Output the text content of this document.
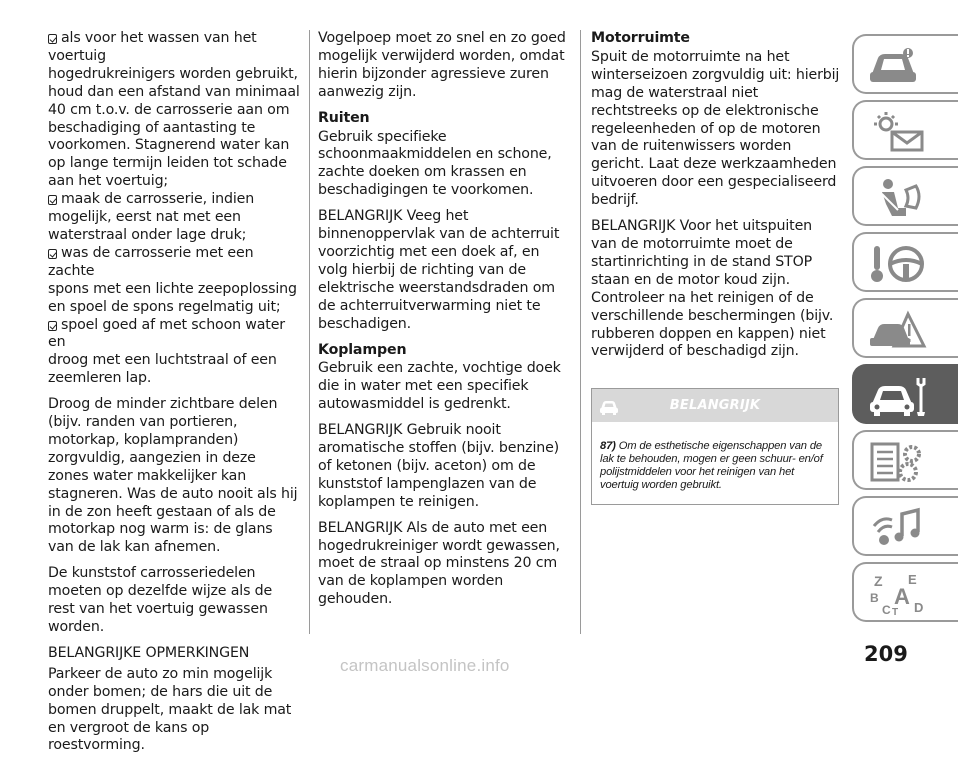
als voor het wassen van het voertuig
hogedrukreinigers worden gebruikt, houd dan een afstand van minimaal 40 cm t.o.v. de carrosserie aan om beschadiging of aantasting te voorkomen. Stagnerend water kan op lange termijn leiden tot schade aan het voertuig;
maak de carrosserie, indien
mogelijk, eerst nat met een waterstraal onder lage druk;
was de carrosserie met een zachte
spons met een lichte zeepoplossing en spoel de spons regelmatig uit;
spoel goed af met schoon water en
droog met een luchtstraal of een zeemleren lap.

Droog de minder zichtbare delen (bijv. randen van portieren, motorkap, koplampranden) zorgvuldig, aangezien in deze zones water makkelijker kan stagneren. Was de auto nooit als hij in de zon heeft gestaan of als de motorkap nog warm is: de glans van de lak kan afnemen.

De kunststof carrosseriedelen moeten op dezelfde wijze als de rest van het voertuig gewassen worden.

BELANGRIJKE OPMERKINGEN

Parkeer de auto zo min mogelijk onder bomen; de hars die uit de bomen druppelt, maakt de lak mat en vergroot de kans op roestvorming.

Vogelpoep moet zo snel en zo goed mogelijk verwijderd worden, omdat hierin bijzonder agressieve zuren aanwezig zijn.

Ruiten

Gebruik specifieke schoonmaakmiddelen en schone, zachte doeken om krassen en beschadigingen te voorkomen.

BELANGRIJK Veeg het binnenoppervlak van de achterruit voorzichtig met een doek af, en volg hierbij de richting van de elektrische weerstandsdraden om de achterruitverwarming niet te beschadigen.

Koplampen

Gebruik een zachte, vochtige doek die in water met een specifiek autowasmiddel is gedrenkt.

BELANGRIJK Gebruik nooit aromatische stoffen (bijv. benzine) of ketonen (bijv. aceton) om de kunststof lampenglazen van de koplampen te reinigen.

BELANGRIJK Als de auto met een hogedrukreiniger wordt gewassen, moet de straal op minstens 20 cm van de koplampen worden gehouden.

Motorruimte

Spuit de motorruimte na het winterseizoen zorgvuldig uit: hierbij mag de waterstraal niet rechtstreeks op de elektronische regeleenheden of op de motoren van de ruitenwissers worden gericht. Laat deze werkzaamheden uitvoeren door een gespecialiseerd bedrijf.

BELANGRIJK Voor het uitspuiten van de motorruimte moet de startinrichting in de stand STOP staan en de motor koud zijn. Controleer na het reinigen of de verschillende beschermingen (bijv. rubberen doppen en kappen) niet verwijderd of beschadigd zijn.

BELANGRIJK
87) Om de esthetische eigenschappen van de lak te behouden, mogen er geen schuur- en/of polijstmiddelen voor het reinigen van het voertuig worden gebruikt.
Z E
B A
C T D
209
carmanualsonline.info
